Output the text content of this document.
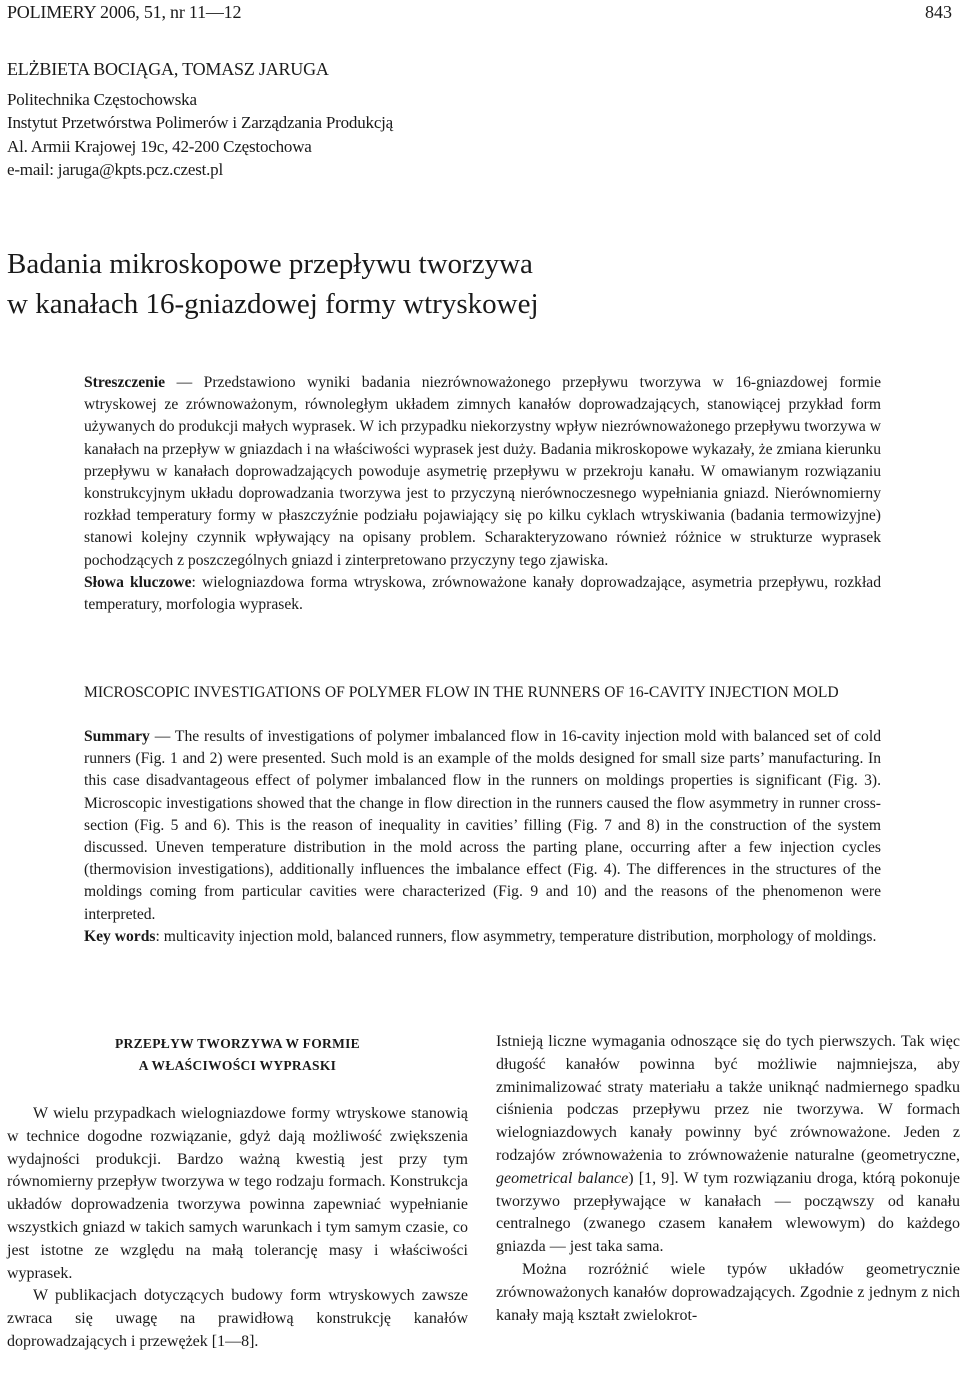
POLIMERY 2006, 51, nr 11—12	843
ELŻBIETA BOCIĄGA, TOMASZ JARUGA
Politechnika Częstochowska
Instytut Przetwórstwa Polimerów i Zarządzania Produkcją
Al. Armii Krajowej 19c, 42-200 Częstochowa
e-mail: jaruga@kpts.pcz.czest.pl
Badania mikroskopowe przepływu tworzywa
w kanałach 16-gniazdowej formy wtryskowej

Streszczenie — Przedstawiono wyniki badania niezrównoważonego przepływu tworzywa w 16-gniazdowej formie wtryskowej ze zrównoważonym, równoległym układem zimnych kanałów doprowadzających, stanowiącej przykład form używanych do produkcji małych wyprasek. W ich przypadku niekorzystny wpływ niezrównoważonego przepływu tworzywa w kanałach na przepływ w gniazdach i na właściwości wyprasek jest duży. Badania mikroskopowe wykazały, że zmiana kierunku przepływu w kanałach doprowadzających powoduje asymetrię przepływu w przekroju kanału. W omawianym rozwiązaniu konstrukcyjnym układu doprowadzania tworzywa jest to przyczyną nierównoczesnego wypełniania gniazd. Nierównomierny rozkład temperatury formy w płaszczyźnie podziału pojawiający się po kilku cyklach wtryskiwania (badania termowizyjne) stanowi kolejny czynnik wpływający na opisany problem. Scharakteryzowano również różnice w strukturze wyprasek pochodzących z poszczególnych gniazd i zinterpretowano przyczyny tego zjawiska.

Słowa kluczowe: wielogniazdowa forma wtryskowa, zrównoważone kanały doprowadzające, asymetria przepływu, rozkład temperatury, morfologia wyprasek.

MICROSCOPIC INVESTIGATIONS OF POLYMER FLOW IN THE RUNNERS OF 16-CAVITY INJECTION MOLD

Summary — The results of investigations of polymer imbalanced flow in 16-cavity injection mold with balanced set of cold runners (Fig. 1 and 2) were presented. Such mold is an example of the molds designed for small size parts’ manufacturing. In this case disadvantageous effect of polymer imbalanced flow in the runners on moldings properties is significant (Fig. 3). Microscopic investigations showed that the change in flow direction in the runners caused the flow asymmetry in runner cross-section (Fig. 5 and 6). This is the reason of inequality in cavities’ filling (Fig. 7 and 8) in the construction of the system discussed. Uneven temperature distribution in the mold across the parting plane, occurring after a few injection cycles (thermovision investigations), additionally influences the imbalance effect (Fig. 4). The differences in the structures of the moldings coming from particular cavities were characterized (Fig. 9 and 10) and the reasons of the phenomenon were interpreted.

Key words: multicavity injection mold, balanced runners, flow asymmetry, temperature distribution, morphology of moldings.

PRZEPŁYW TWORZYWA W FORMIE
A WŁAŚCIWOŚCI WYPRASKI

W wielu przypadkach wielogniazdowe formy wtryskowe stanowią w technice dogodne rozwiązanie, gdyż dają możliwość zwiększenia wydajności produkcji. Bardzo ważną kwestią jest przy tym równomierny przepływ tworzywa w tego rodzaju formach. Konstrukcja układów doprowadzenia tworzywa powinna zapewniać wypełnianie wszystkich gniazd w takich samych warunkach i tym samym czasie, co jest istotne ze względu na małą tolerancję masy i właściwości wyprasek.

W publikacjach dotyczących budowy form wtryskowych zawsze zwraca się uwagę na prawidłową konstrukcję kanałów doprowadzających i przewężek [1—8].

Istnieją liczne wymagania odnoszące się do tych pierwszych. Tak więc długość kanałów powinna być możliwie najmniejsza, aby zminimalizować straty materiału a także uniknąć nadmiernego spadku ciśnienia podczas przepływu przez nie tworzywa. W formach wielogniazdowych kanały powinny być zrównoważone. Jeden z rodzajów zrównoważenia to zrównoważenie naturalne (geometryczne, geometrical balance) [1, 9]. W tym rozwiązaniu droga, którą pokonuje tworzywo przepływające w kanałach — począwszy od kanału centralnego (zwanego czasem kanałem wlewowym) do każdego gniazda — jest taka sama.

Można rozróżnić wiele typów układów geometrycznie zrównoważonych kanałów doprowadzających. Zgodnie z jednym z nich kanały mają kształt zwielokrot-
